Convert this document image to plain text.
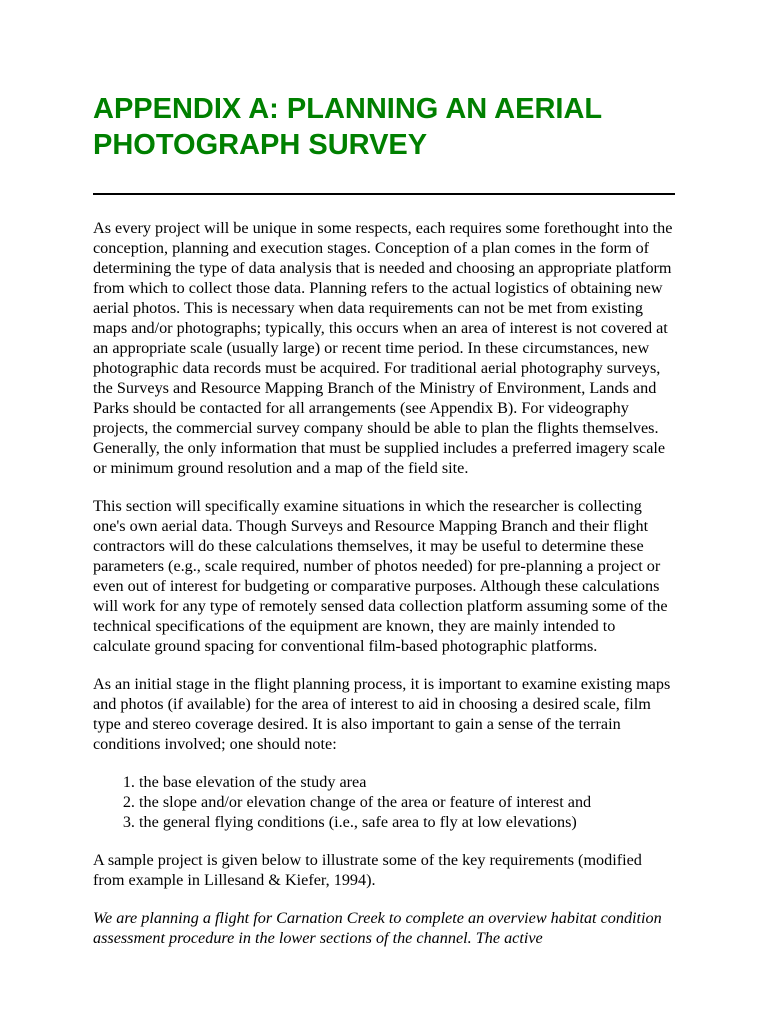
APPENDIX A: PLANNING AN AERIAL
PHOTOGRAPH SURVEY

As every project will be unique in some respects, each requires some forethought into the conception, planning and execution stages. Conception of a plan comes in the form of determining the type of data analysis that is needed and choosing an appropriate platform from which to collect those data. Planning refers to the actual logistics of obtaining new aerial photos. This is necessary when data requirements can not be met from existing maps and/or photographs; typically, this occurs when an area of interest is not covered at an appropriate scale (usually large) or recent time period. In these circumstances, new photographic data records must be acquired. For traditional aerial photography surveys, the Surveys and Resource Mapping Branch of the Ministry of Environment, Lands and Parks should be contacted for all arrangements (see Appendix B). For videography projects, the commercial survey company should be able to plan the flights themselves. Generally, the only information that must be supplied includes a preferred imagery scale or minimum ground resolution and a map of the field site.

This section will specifically examine situations in which the researcher is collecting one's own aerial data. Though Surveys and Resource Mapping Branch and their flight contractors will do these calculations themselves, it may be useful to determine these parameters (e.g., scale required, number of photos needed) for pre-planning a project or even out of interest for budgeting or comparative purposes. Although these calculations will work for any type of remotely sensed data collection platform assuming some of the technical specifications of the equipment are known, they are mainly intended to calculate ground spacing for conventional film-based photographic platforms.

As an initial stage in the flight planning process, it is important to examine existing maps and photos (if available) for the area of interest to aid in choosing a desired scale, film type and stereo coverage desired. It is also important to gain a sense of the terrain conditions involved; one should note:

1. the base elevation of the study area
2. the slope and/or elevation change of the area or feature of interest and
3. the general flying conditions (i.e., safe area to fly at low elevations)

A sample project is given below to illustrate some of the key requirements (modified from example in Lillesand & Kiefer, 1994).

We are planning a flight for Carnation Creek to complete an overview habitat condition assessment procedure in the lower sections of the channel. The active
